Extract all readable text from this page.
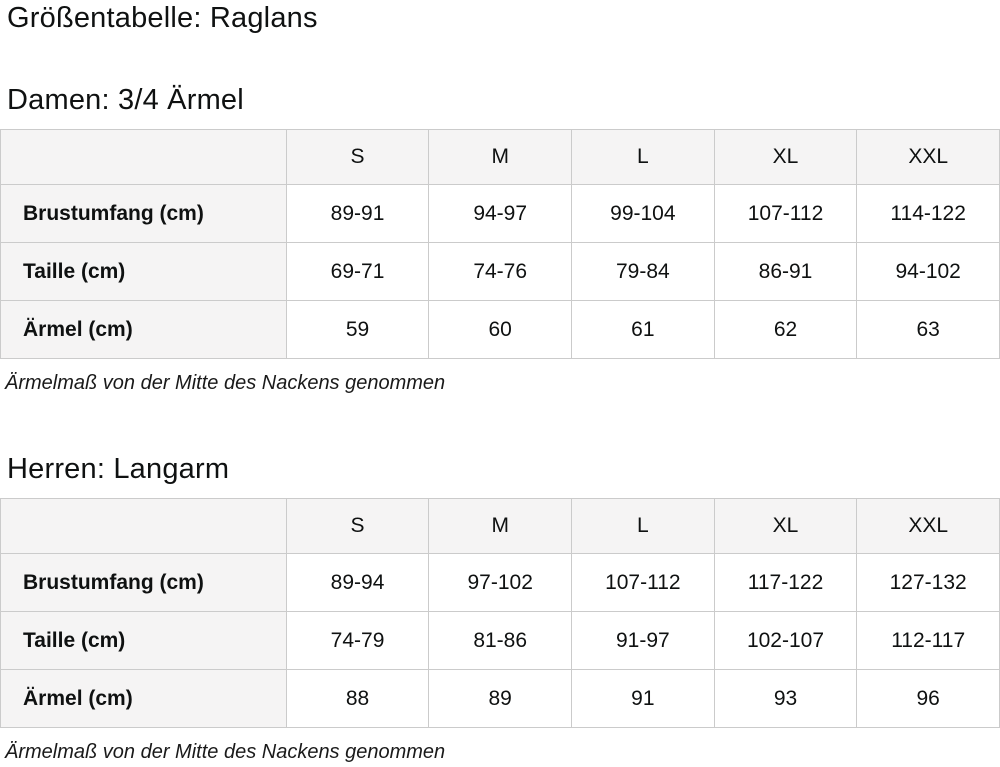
Größentabelle: Raglans
Damen: 3/4 Ärmel
	S	M	L	XL	XXL
Brustumfang (cm)	89-91	94-97	99-104	107-112	114-122
Taille (cm)	69-71	74-76	79-84	86-91	94-102
Ärmel (cm)	59	60	61	62	63

Ärmelmaß von der Mitte des Nackens genommen

Herren: Langarm
	S	M	L	XL	XXL
Brustumfang (cm)	89-94	97-102	107-112	117-122	127-132
Taille (cm)	74-79	81-86	91-97	102-107	112-117
Ärmel (cm)	88	89	91	93	96

Ärmelmaß von der Mitte des Nackens genommen
